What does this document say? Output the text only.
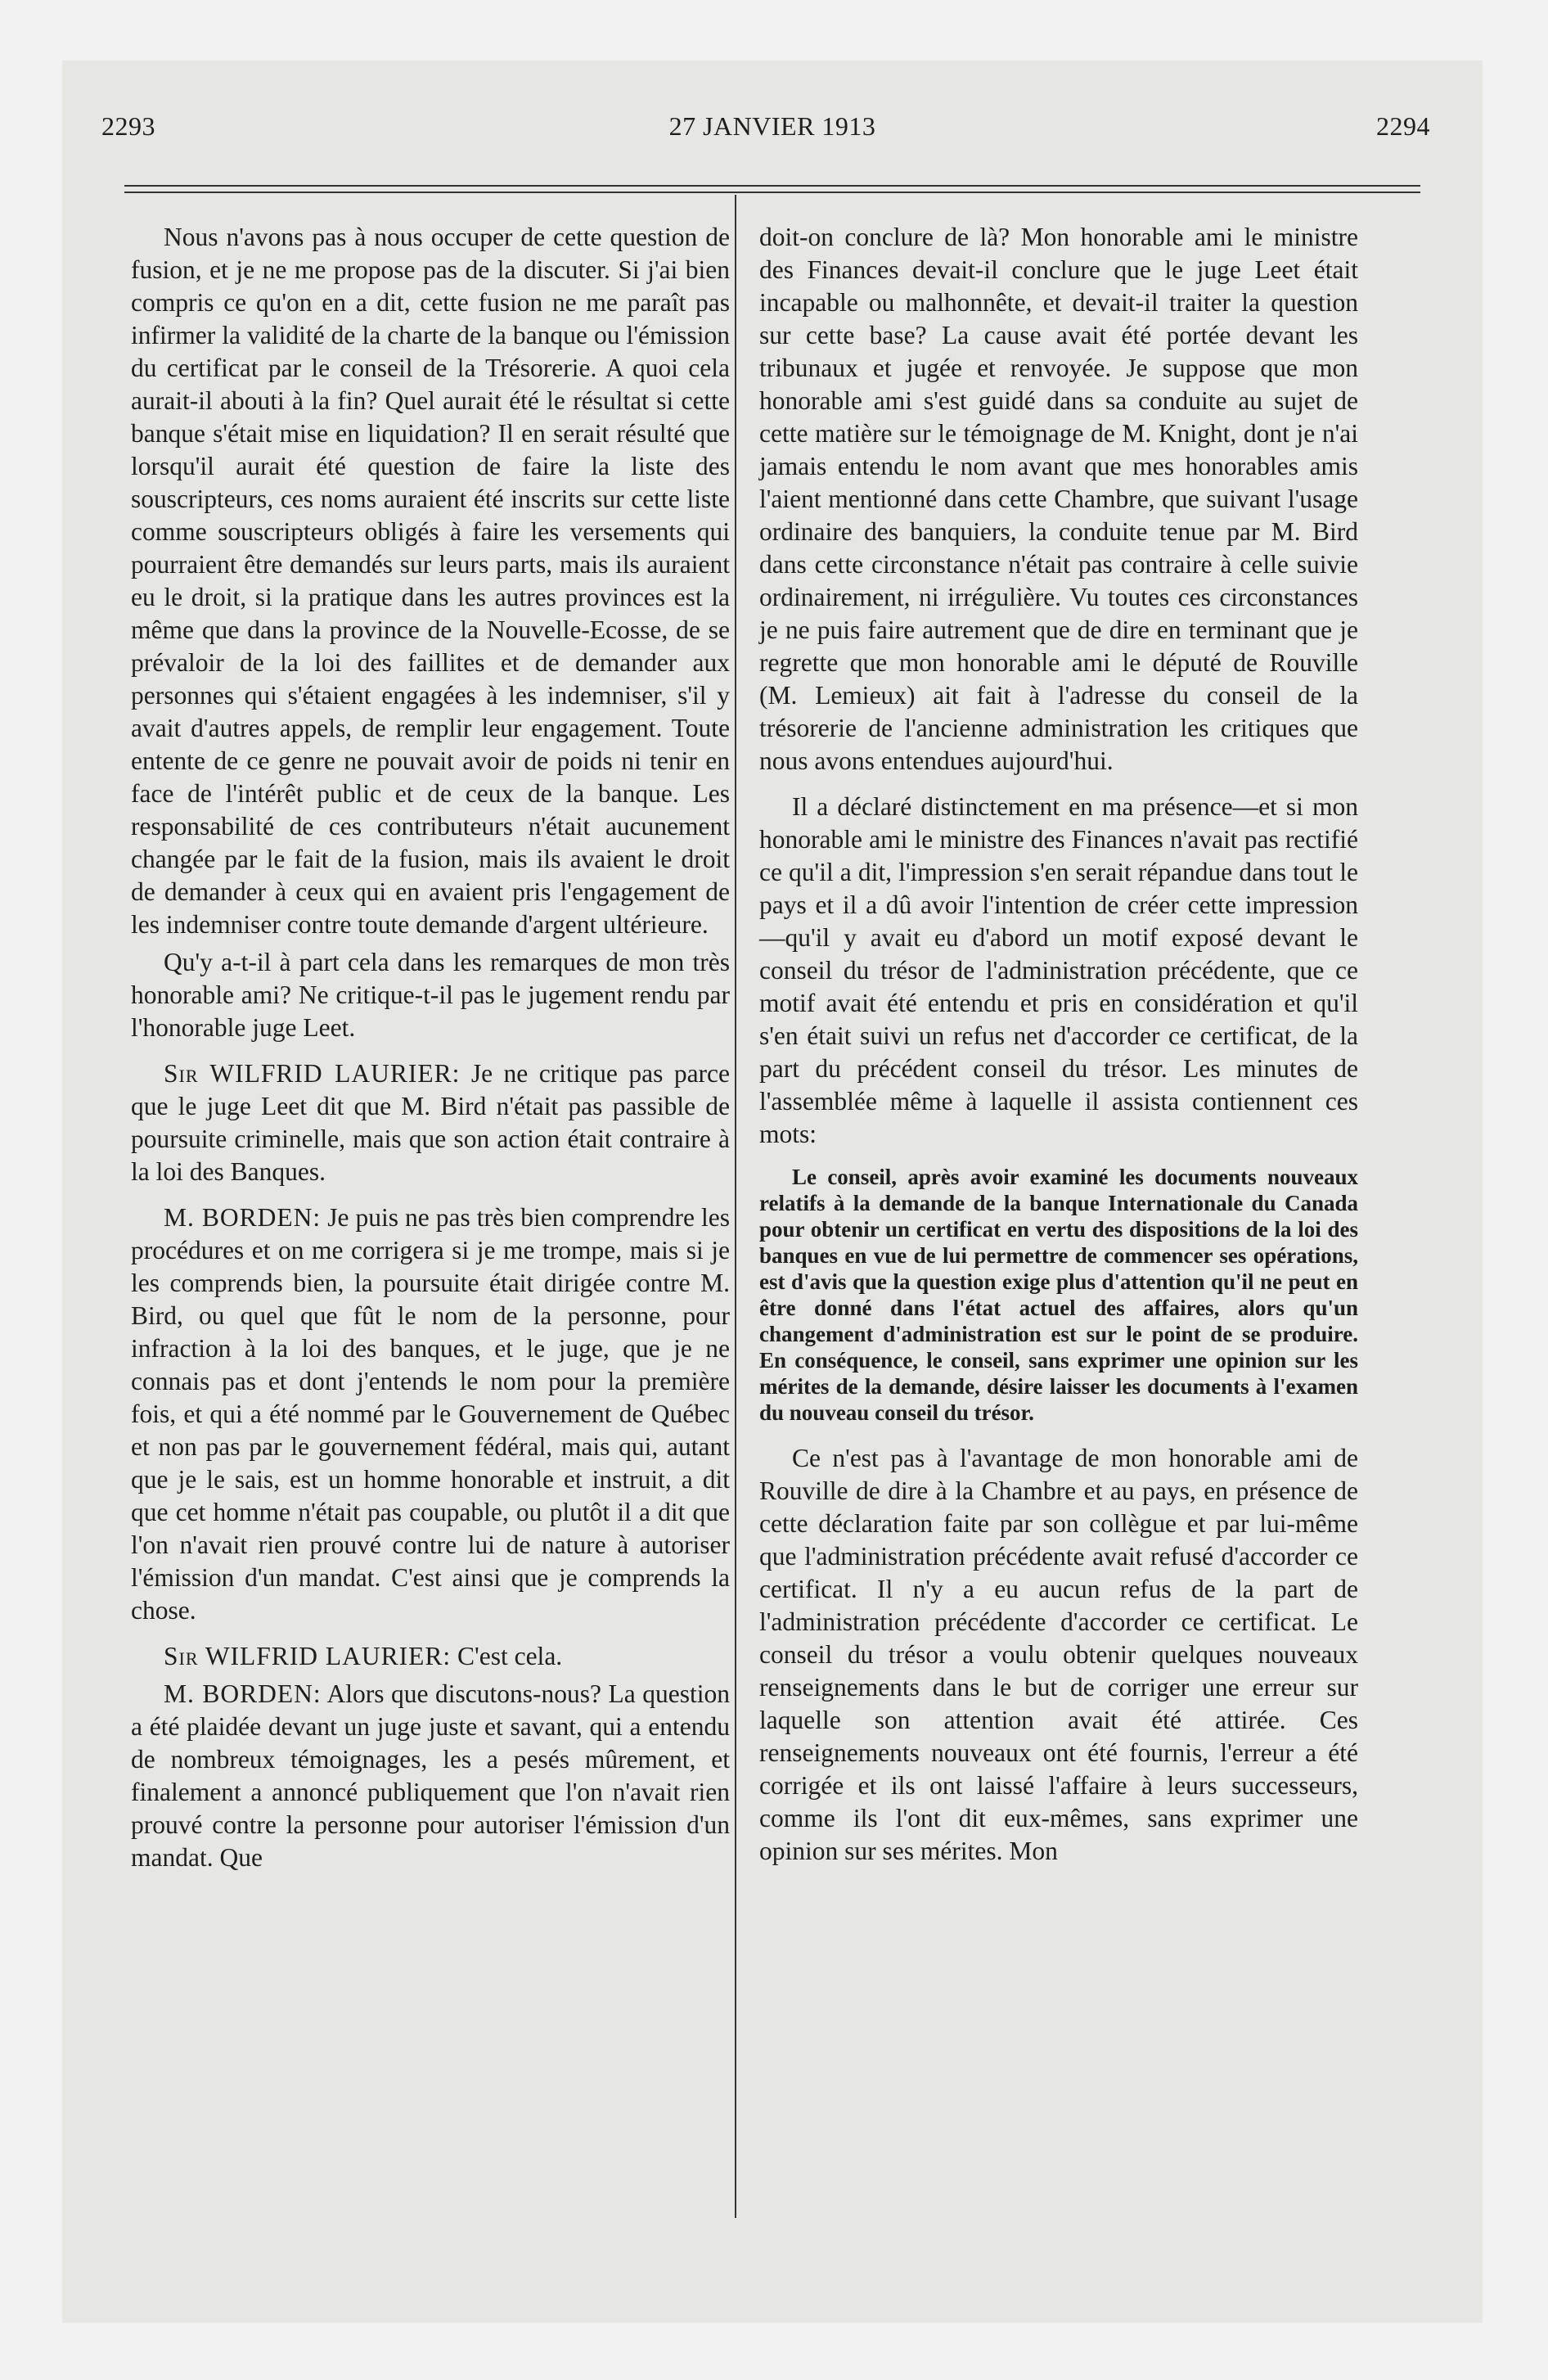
2293	27 JANVIER 1913	2294

Nous n'avons pas à nous occuper de cette question de fusion, et je ne me propose pas de la discuter. Si j'ai bien compris ce qu'on en a dit, cette fusion ne me paraît pas infirmer la validité de la charte de la banque ou l'émission du certificat par le conseil de la Trésorerie. A quoi cela aurait-il abouti à la fin? Quel aurait été le résultat si cette banque s'était mise en liquidation? Il en serait résulté que lorsqu'il aurait été question de faire la liste des souscripteurs, ces noms auraient été inscrits sur cette liste comme souscripteurs obligés à faire les versements qui pourraient être demandés sur leurs parts, mais ils auraient eu le droit, si la pratique dans les autres provinces est la même que dans la province de la Nouvelle-Ecosse, de se prévaloir de la loi des faillites et de demander aux personnes qui s'étaient engagées à les indemniser, s'il y avait d'autres appels, de remplir leur engagement. Toute entente de ce genre ne pouvait avoir de poids ni tenir en face de l'intérêt public et de ceux de la banque. Les responsabilité de ces contributeurs n'était aucunement changée par le fait de la fusion, mais ils avaient le droit de demander à ceux qui en avaient pris l'engagement de les indemniser contre toute demande d'argent ultérieure.

Qu'y a-t-il à part cela dans les remarques de mon très honorable ami? Ne critique-t-il pas le jugement rendu par l'honorable juge Leet.

Sir WILFRID LAURIER: Je ne critique pas parce que le juge Leet dit que M. Bird n'était pas passible de poursuite criminelle, mais que son action était contraire à la loi des Banques.

M. BORDEN: Je puis ne pas très bien comprendre les procédures et on me corrigera si je me trompe, mais si je les comprends bien, la poursuite était dirigée contre M. Bird, ou quel que fût le nom de la personne, pour infraction à la loi des banques, et le juge, que je ne connais pas et dont j'entends le nom pour la première fois, et qui a été nommé par le Gouvernement de Québec et non pas par le gouvernement fédéral, mais qui, autant que je le sais, est un homme honorable et instruit, a dit que cet homme n'était pas coupable, ou plutôt il a dit que l'on n'avait rien prouvé contre lui de nature à autoriser l'émission d'un mandat. C'est ainsi que je comprends la chose.

Sir WILFRID LAURIER: C'est cela.

M. BORDEN: Alors que discutons-nous? La question a été plaidée devant un juge juste et savant, qui a entendu de nombreux témoignages, les a pesés mûrement, et finalement a annoncé publiquement que l'on n'avait rien prouvé contre la personne pour autoriser l'émission d'un mandat. Que

doit-on conclure de là? Mon honorable ami le ministre des Finances devait-il conclure que le juge Leet était incapable ou malhonnête, et devait-il traiter la question sur cette base? La cause avait été portée devant les tribunaux et jugée et renvoyée. Je suppose que mon honorable ami s'est guidé dans sa conduite au sujet de cette matière sur le témoignage de M. Knight, dont je n'ai jamais entendu le nom avant que mes honorables amis l'aient mentionné dans cette Chambre, que suivant l'usage ordinaire des banquiers, la conduite tenue par M. Bird dans cette circonstance n'était pas contraire à celle suivie ordinairement, ni irrégulière. Vu toutes ces circonstances je ne puis faire autrement que de dire en terminant que je regrette que mon honorable ami le député de Rouville (M. Lemieux) ait fait à l'adresse du conseil de la trésorerie de l'ancienne administration les critiques que nous avons entendues aujourd'hui.

Il a déclaré distinctement en ma présence—et si mon honorable ami le ministre des Finances n'avait pas rectifié ce qu'il a dit, l'impression s'en serait répandue dans tout le pays et il a dû avoir l'intention de créer cette impression—qu'il y avait eu d'abord un motif exposé devant le conseil du trésor de l'administration précédente, que ce motif avait été entendu et pris en considération et qu'il s'en était suivi un refus net d'accorder ce certificat, de la part du précédent conseil du trésor. Les minutes de l'assemblée même à laquelle il assista contiennent ces mots:

Le conseil, après avoir examiné les documents nouveaux relatifs à la demande de la banque Internationale du Canada pour obtenir un certificat en vertu des dispositions de la loi des banques en vue de lui permettre de commencer ses opérations, est d'avis que la question exige plus d'attention qu'il ne peut en être donné dans l'état actuel des affaires, alors qu'un changement d'administration est sur le point de se produire. En conséquence, le conseil, sans exprimer une opinion sur les mérites de la demande, désire laisser les documents à l'examen du nouveau conseil du trésor.

Ce n'est pas à l'avantage de mon honorable ami de Rouville de dire à la Chambre et au pays, en présence de cette déclaration faite par son collègue et par lui-même que l'administration précédente avait refusé d'accorder ce certificat. Il n'y a eu aucun refus de la part de l'administration précédente d'accorder ce certificat. Le conseil du trésor a voulu obtenir quelques nouveaux renseignements dans le but de corriger une erreur sur laquelle son attention avait été attirée. Ces renseignements nouveaux ont été fournis, l'erreur a été corrigée et ils ont laissé l'affaire à leurs successeurs, comme ils l'ont dit eux-mêmes, sans exprimer une opinion sur ses mérites. Mon
